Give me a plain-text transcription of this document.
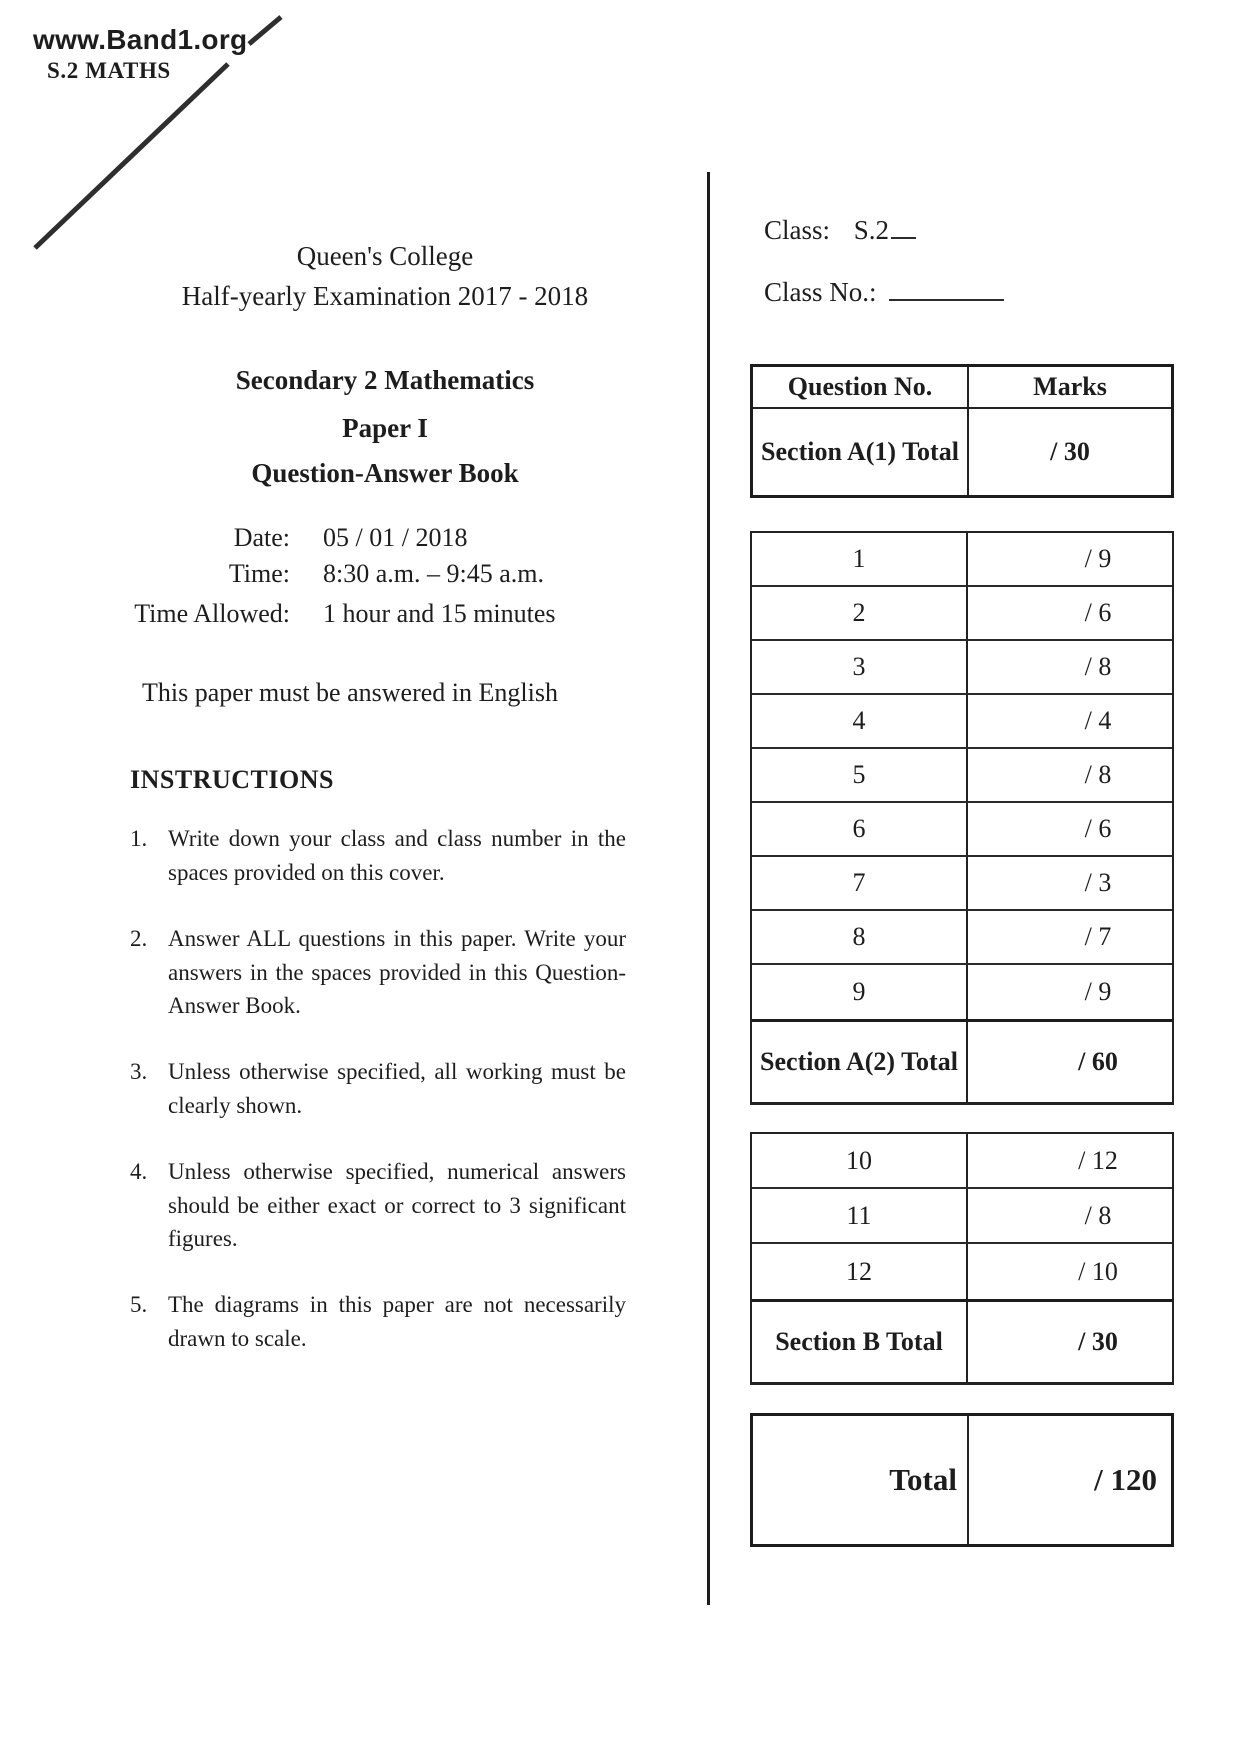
www.Band1.org
S.2 MATHS
Queen's College
Half-yearly Examination 2017 - 2018
Secondary 2 Mathematics
Paper I
Question-Answer Book
Date: 05 / 01 / 2018
Time: 8:30 a.m. – 9:45 a.m.
Time Allowed: 1 hour and 15 minutes
This paper must be answered in English
INSTRUCTIONS
1. Write down your class and class number in the
spaces provided on this cover.
2. Answer ALL questions in this paper. Write your
answers in the spaces provided in this Question-
Answer Book.
3. Unless otherwise specified, all working must be
clearly shown.
4. Unless otherwise specified, numerical answers
should be either exact or correct to 3 significant
figures.
5. The diagrams in this paper are not necessarily
drawn to scale.
Class: S.2
Class No.:
Question No.	Marks
Section A(1) Total	/ 30
1	/ 9
2	/ 6
3	/ 8
4	/ 4
5	/ 8
6	/ 6
7	/ 3
8	/ 7
9	/ 9
Section A(2) Total	/ 60
10	/ 12
11	/ 8
12	/ 10
Section B Total	/ 30
Total	/ 120
